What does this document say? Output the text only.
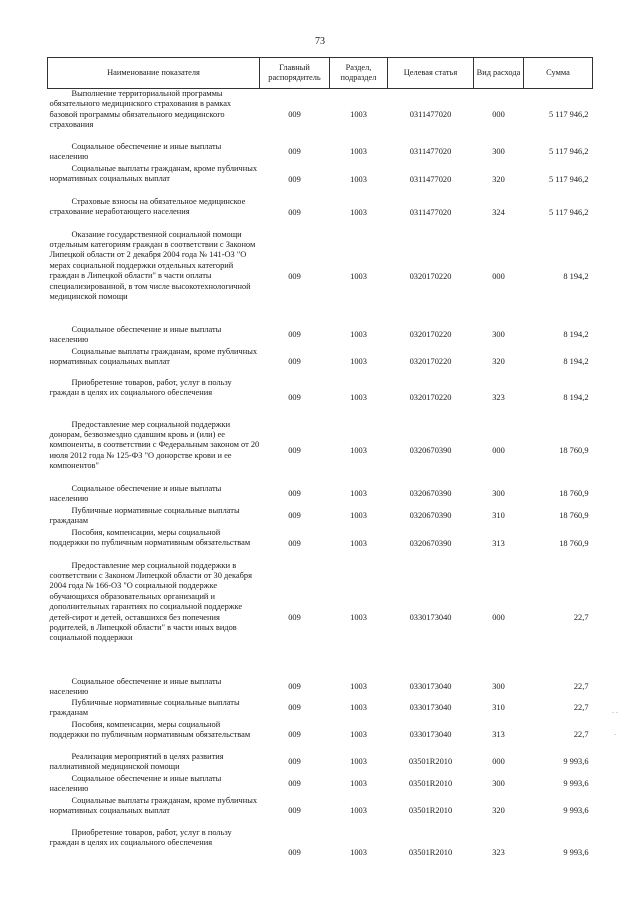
73
Наименование показателя	Главный распорядитель	Раздел, подраздел	Целевая статья	Вид расхода	Сумма

Выполнение территориальной программы обязательного медицинского страхования в рамках базовой программы обязательного медицинского страхования	009	1003	0311477020	000	5 117 946,2

Социальное обеспечение и иные выплаты населению	009	1003	0311477020	300	5 117 946,2

Социальные выплаты гражданам, кроме публичных нормативных социальных выплат	009	1003	0311477020	320	5 117 946,2

Страховые взносы на обязательное медицинское страхование неработающего населения	009	1003	0311477020	324	5 117 946,2

Оказание государственной социальной помощи отдельным категориям граждан в соответствии с Законом Липецкой области от 2 декабря 2004 года № 141-ОЗ "О мерах социальной поддержки отдельных категорий граждан в Липецкой области" в части оплаты специализированной, в том числе высокотехнологичной медицинской помощи	009	1003	0320170220	000	8 194,2

Социальное обеспечение и иные выплаты населению	009	1003	0320170220	300	8 194,2

Социальные выплаты гражданам, кроме публичных нормативных социальных выплат	009	1003	0320170220	320	8 194,2

Приобретение товаров, работ, услуг в пользу граждан в целях их социального обеспечения	009	1003	0320170220	323	8 194,2

Предоставление мер социальной поддержки донорам, безвозмездно сдавшим кровь и (или) ее компоненты, в соответствии с Федеральным законом от 20 июля 2012 года № 125-ФЗ "О донорстве крови и ее компонентов"	009	1003	0320670390	000	18 760,9

Социальное обеспечение и иные выплаты населению	009	1003	0320670390	300	18 760,9

Публичные нормативные социальные выплаты гражданам	009	1003	0320670390	310	18 760,9

Пособия, компенсации, меры социальной поддержки по публичным нормативным обязательствам	009	1003	0320670390	313	18 760,9

Предоставление мер социальной поддержки в соответствии с Законом Липецкой области от 30 декабря 2004 года № 166-ОЗ "О социальной поддержке обучающихся образовательных организаций и дополнительных гарантиях по социальной поддержке детей-сирот и детей, оставшихся без попечения родителей, в Липецкой области" в части иных видов социальной поддержки	009	1003	0330173040	000	22,7

Социальное обеспечение и иные выплаты населению	009	1003	0330173040	300	22,7

Публичные нормативные социальные выплаты гражданам	009	1003	0330173040	310	22,7

Пособия, компенсации, меры социальной поддержки по публичным нормативным обязательствам	009	1003	0330173040	313	22,7

Реализация мероприятий в целях развития паллиативной медицинской помощи	009	1003	03501R2010	000	9 993,6

Социальное обеспечение и иные выплаты населению	009	1003	03501R2010	300	9 993,6

Социальные выплаты гражданам, кроме публичных нормативных социальных выплат	009	1003	03501R2010	320	9 993,6

Приобретение товаров, работ, услуг в пользу граждан в целях их социального обеспечения	009	1003	03501R2010	323	9 993,6
. .
.
